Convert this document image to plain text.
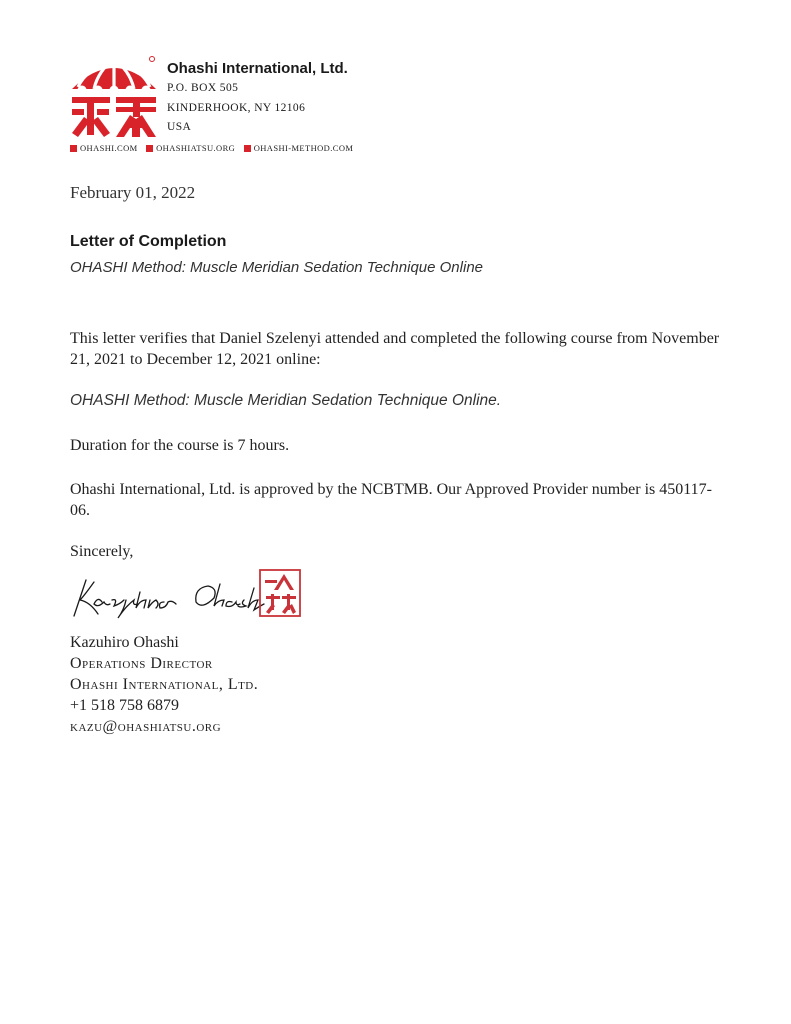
Ohashi International, Ltd.
P.O. BOX 505
KINDERHOOK, NY 12106
USA
OHASHI.COM OHASHIATSU.ORG OHASHI-METHOD.COM
February 01, 2022
Letter of Completion
OHASHI Method: Muscle Meridian Sedation Technique Online
This letter verifies that Daniel Szelenyi attended and completed the following course from November 21, 2021 to December 12, 2021 online:
OHASHI Method: Muscle Meridian Sedation Technique Online.
Duration for the course is 7 hours.
Ohashi International, Ltd. is approved by the NCBTMB. Our Approved Provider number is 450117-06.
Sincerely,
Kazuhiro Ohashi
Operations Director
Ohashi International, Ltd.
+1 518 758 6879
kazu@ohashiatsu.org
